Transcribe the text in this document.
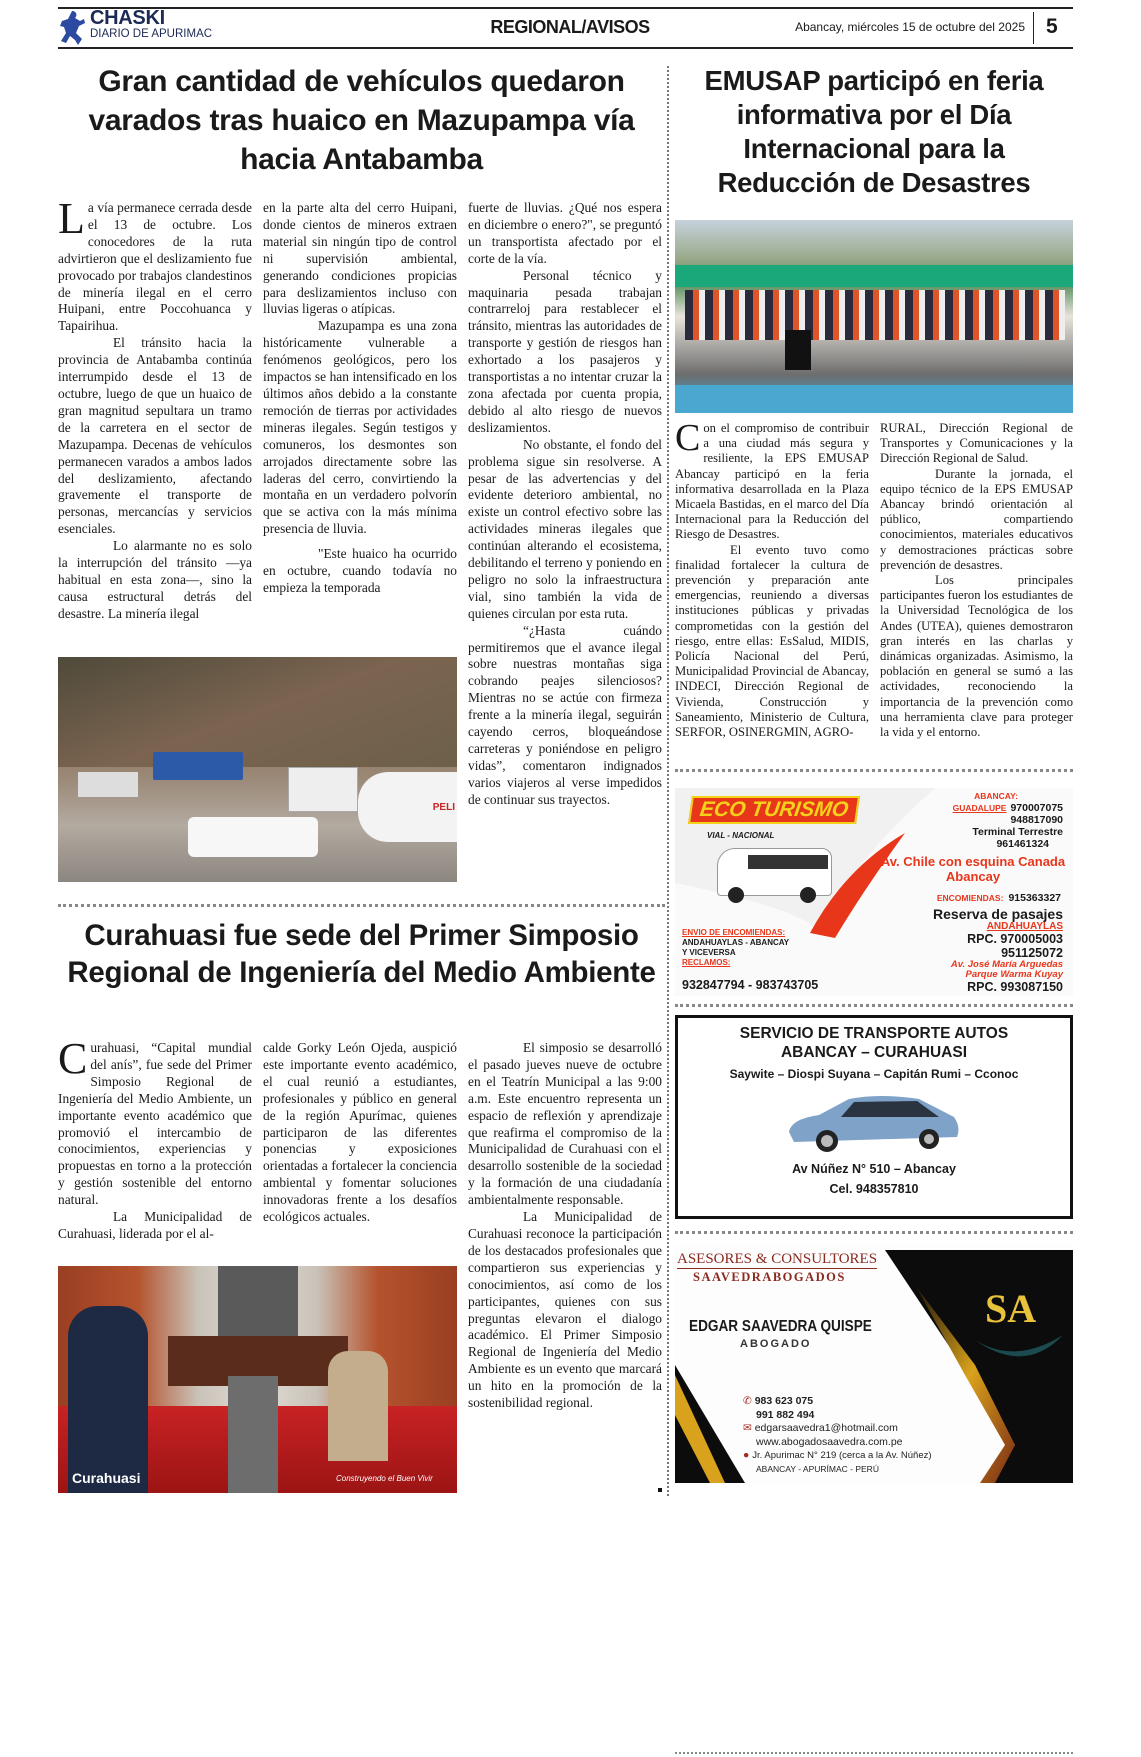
CHASKI
DIARIO DE APURIMAC	REGIONAL/AVISOS	Abancay, miércoles 15 de octubre del 2025 5
Gran cantidad de vehículos quedaron varados tras huaico en Mazupampa vía hacia Antabamba

La vía permanece cerrada desde el 13 de octubre. Los conocedores de la ruta advirtieron que el deslizamiento fue provocado por trabajos clandestinos de minería ilegal en el cerro Huipani, entre Poccohuanca y Tapairihua.

El tránsito hacia la provincia de Antabamba continúa interrumpido desde el 13 de octubre, luego de que un huaico de gran magnitud sepultara un tramo de la carretera en el sector de Mazupampa. Decenas de vehículos permanecen varados a ambos lados del deslizamiento, afectando gravemente el transporte de personas, mercancías y servicios esenciales.

Lo alarmante no es solo la interrupción del tránsito —ya habitual en esta zona—, sino la causa estructural detrás del desastre. La minería ilegal

en la parte alta del cerro Huipani, donde cientos de mineros extraen material sin ningún tipo de control ni supervisión ambiental, generando condiciones propicias para deslizamientos incluso con lluvias ligeras o atípicas.

Mazupampa es una zona históricamente vulnerable a fenómenos geológicos, pero los impactos se han intensificado en los últimos años debido a la constante remoción de tierras por actividades mineras ilegales. Según testigos y comuneros, los desmontes son arrojados directamente sobre las laderas del cerro, convirtiendo la montaña en un verdadero polvorín que se activa con la más mínima presencia de lluvia.

"Este huaico ha ocurrido en octubre, cuando todavía no empieza la temporada

fuerte de lluvias. ¿Qué nos espera en diciembre o enero?", se preguntó un transportista afectado por el corte de la vía.

Personal técnico y maquinaria pesada trabajan contrarreloj para restablecer el tránsito, mientras las autoridades de transporte y gestión de riesgos han exhortado a los pasajeros y transportistas a no intentar cruzar la zona afectada por cuenta propia, debido al alto riesgo de nuevos deslizamientos.

No obstante, el fondo del problema sigue sin resolverse. A pesar de las advertencias y del evidente deterioro ambiental, no existe un control efectivo sobre las actividades mineras ilegales que continúan alterando el ecosistema, debilitando el terreno y poniendo en peligro no solo la infraestructura vial, sino también la vida de quienes circulan por esta ruta.

“¿Hasta cuándo permitiremos que el avance ilegal sobre nuestras montañas siga cobrando peajes silenciosos? Mientras no se actúe con firmeza frente a la minería ilegal, seguirán cayendo cerros, bloqueándose carreteras y poniéndose en peligro vidas”, comentaron indignados varios viajeros al verse impedidos de continuar sus trayectos.

PELI
Curahuasi fue sede del Primer Simposio Regional de Ingeniería del Medio Ambiente

Curahuasi, “Capital mundial del anís”, fue sede del Primer Simposio Regional de Ingeniería del Medio Ambiente, un importante evento académico que promovió el intercambio de conocimientos, experiencias y propuestas en torno a la protección y gestión sostenible del entorno natural.

La Municipalidad de Curahuasi, liderada por el al-

calde Gorky León Ojeda, auspició este importante evento académico, el cual reunió a estudiantes, profesionales y público en general de la región Apurímac, quienes participaron de las diferentes ponencias y exposiciones orientadas a fortalecer la conciencia ambiental y fomentar soluciones innovadoras frente a los desafíos ecológicos actuales.

El simposio se desarrolló el pasado jueves nueve de octubre en el Teatrín Municipal a las 9:00 a.m. Este encuentro representa un espacio de reflexión y aprendizaje que reafirma el compromiso de la Municipalidad de Curahuasi con el desarrollo sostenible de la sociedad y la formación de una ciudadanía ambientalmente responsable.

La Municipalidad de Curahuasi reconoce la participación de los destacados profesionales que compartieron sus experiencias y conocimientos, así como de los participantes, quienes con sus preguntas elevaron el dialogo académico. El Primer Simposio Regional de Ingeniería del Medio Ambiente es un evento que marcará un hito en la promoción de la sostenibilidad regional.

Curahuasi	Construyendo el Buen Vivir
EMUSAP participó en feria informativa por el Día Internacional para la Reducción de Desastres

Con el compromiso de contribuir a una ciudad más segura y resiliente, la EPS EMUSAP Abancay participó en la feria informativa desarrollada en la Plaza Micaela Bastidas, en el marco del Día Internacional para la Reducción del Riesgo de Desastres.

El evento tuvo como finalidad fortalecer la cultura de prevención y preparación ante emergencias, reuniendo a diversas instituciones públicas y privadas comprometidas con la gestión del riesgo, entre ellas: EsSalud, MIDIS, Policía Nacional del Perú, Municipalidad Provincial de Abancay, INDECI, Dirección Regional de Vivienda, Construcción y Saneamiento, Ministerio de Cultura, SERFOR, OSINERGMIN, AGRO-

RURAL, Dirección Regional de Transportes y Comunicaciones y la Dirección Regional de Salud.

Durante la jornada, el equipo técnico de la EPS EMUSAP Abancay brindó orientación al público, compartiendo conocimientos, materiales educativos y demostraciones prácticas sobre prevención de desastres.

Los principales participantes fueron los estudiantes de la Universidad Tecnológica de los Andes (UTEA), quienes demostraron gran interés en las charlas y dinámicas organizadas. Asimismo, la población en general se sumó a las actividades, reconociendo la importancia de la prevención como una herramienta clave para proteger la vida y el entorno.

ECO TURISMO
VIAL - NACIONAL
ABANCAY:
GUADALUPE 970007075
948817090
Terminal Terrestre
961461324
Av. Chile con esquina Canada
Abancay
ENCOMIENDAS: 915363327
Reserva de pasajes
ANDAHUAYLAS
RPC. 970005003
951125072
Av. José María Arguedas
Parque Warma Kuyay
RPC. 993087150
ENVIO DE ENCOMIENDAS:
ANDAHUAYLAS - ABANCAY
Y VICEVERSA
RECLAMOS:
932847794 - 983743705
SERVICIO DE TRANSPORTE AUTOS
ABANCAY – CURAHUASI
Saywite – Diospi Suyana – Capitán Rumi – Cconoc
Av Núñez N° 510 – Abancay
Cel. 948357810
ASESORES & CONSULTORES
SAAVEDRABOGADOS
EDGAR SAAVEDRA QUISPE
ABOGADO
SA
✆ 983 623 075
991 882 494
✉ edgarsaavedra1@hotmail.com
www.abogadosaavedra.com.pe
● Jr. Apurimac N° 219 (cerca a la Av. Núñez)
ABANCAY - APURÍMAC - PERÚ
